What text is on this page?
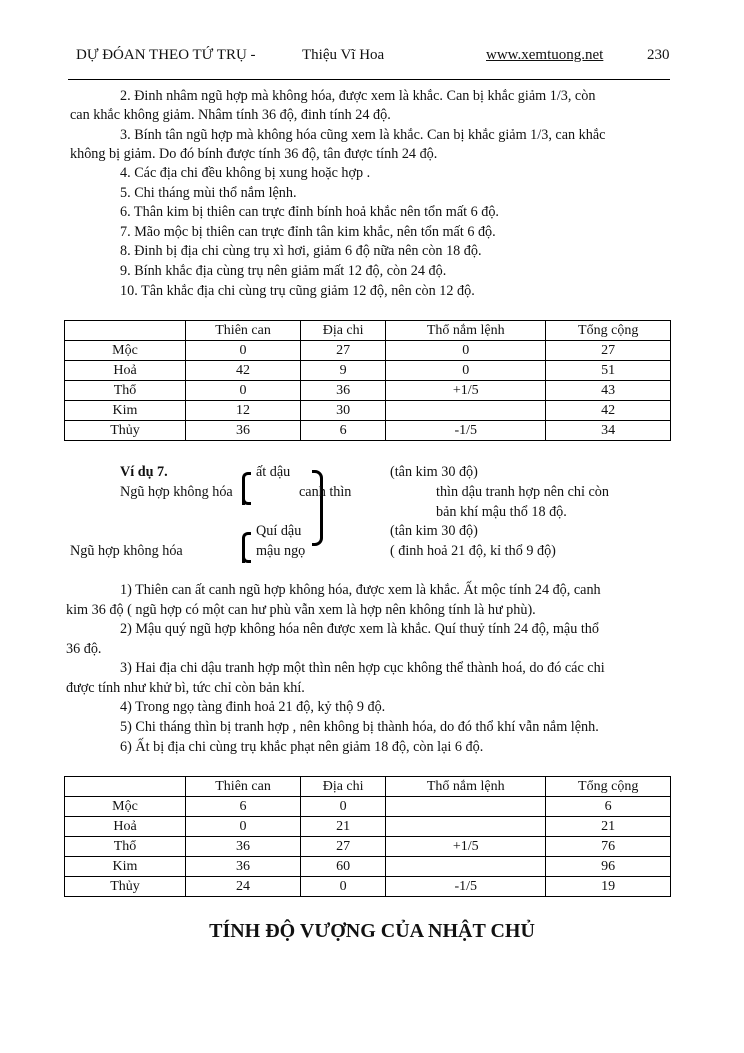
DỰ ĐÓAN THEO TỨ TRỤ -	Thiệu Vĩ Hoa	www.xemtuong.net	230
2. Đinh nhâm ngũ hợp mà không hóa, được xem là khắc. Can bị khắc giảm 1/3, còn
can khắc không giảm. Nhâm tính 36 độ, đinh tính 24 độ.
3. Bính tân ngũ hợp mà không hóa cũng xem là khắc. Can bị khắc giảm 1/3, can khắc
không bị giảm. Do đó bính được tính 36 độ, tân được tính 24 độ.
4. Các địa chi đều không bị xung hoặc hợp .
5. Chi tháng mùi thổ nắm lệnh.
6. Thân kim bị thiên can trực đỉnh bính hoả khắc nên tổn mất 6 độ.
7. Mão mộc bị thiên can trực đỉnh tân kim khắc, nên tổn mất 6 độ.
8. Đinh bị địa chi cùng trụ xì hơi, giảm 6 độ nữa nên còn 18 độ.
9. Bính khắc địa cùng trụ nên giảm mất 12 độ, còn 24 độ.
10. Tân khắc địa chi cùng trụ cũng giảm 12 độ, nên còn 12 độ.
	Thiên can	Địa chi	Thổ nắm lệnh	Tổng cộng
Mộc	0	27	0	27
Hoả	42	9	0	51
Thổ	0	36	+1/5	43
Kim	12	30		42
Thủy	36	6	-1/5	34
Ví dụ 7.
Ngũ hợp không hóa
Ngũ hợp không hóa
ất dậu
canh thìn
Quí dậu
mậu ngọ
(tân kim 30 độ)
thìn dậu tranh hợp nên chỉ còn
bản khí mậu thổ 18 độ.
(tân kim 30 độ)
( đinh hoả 21 độ, kỉ thổ 9 độ)
1) Thiên can ất canh ngũ hợp không hóa, được xem là khắc. Ất mộc tính 24 độ, canh
kim 36 độ ( ngũ hợp có một can hư phù vẫn xem là hợp nên không tính là hư phù).
2) Mậu quý ngũ hợp không hóa nên được xem là khắc. Quí thuỷ tính 24 độ, mậu thổ
36 độ.
3) Hai địa chi dậu tranh hợp một thìn nên hợp cục không thể thành hoá, do đó các chi
được tính như khử bì, tức chỉ còn bản khí.
4) Trong ngọ tàng đinh hoả 21 độ, kỷ thộ 9 độ.
5) Chi tháng thìn bị tranh hợp , nên không bị thành hóa, do đó thổ khí vẫn nắm lệnh.
6) Ất bị địa chi cùng trụ khắc phạt nên giảm 18 độ, còn lại 6 độ.
	Thiên can	Địa chi	Thổ nắm lệnh	Tổng cộng
Mộc	6	0		6
Hoả	0	21		21
Thổ	36	27	+1/5	76
Kim	36	60		96
Thủy	24	0	-1/5	19
TÍNH ĐỘ VƯỢNG CỦA NHẬT CHỦ
